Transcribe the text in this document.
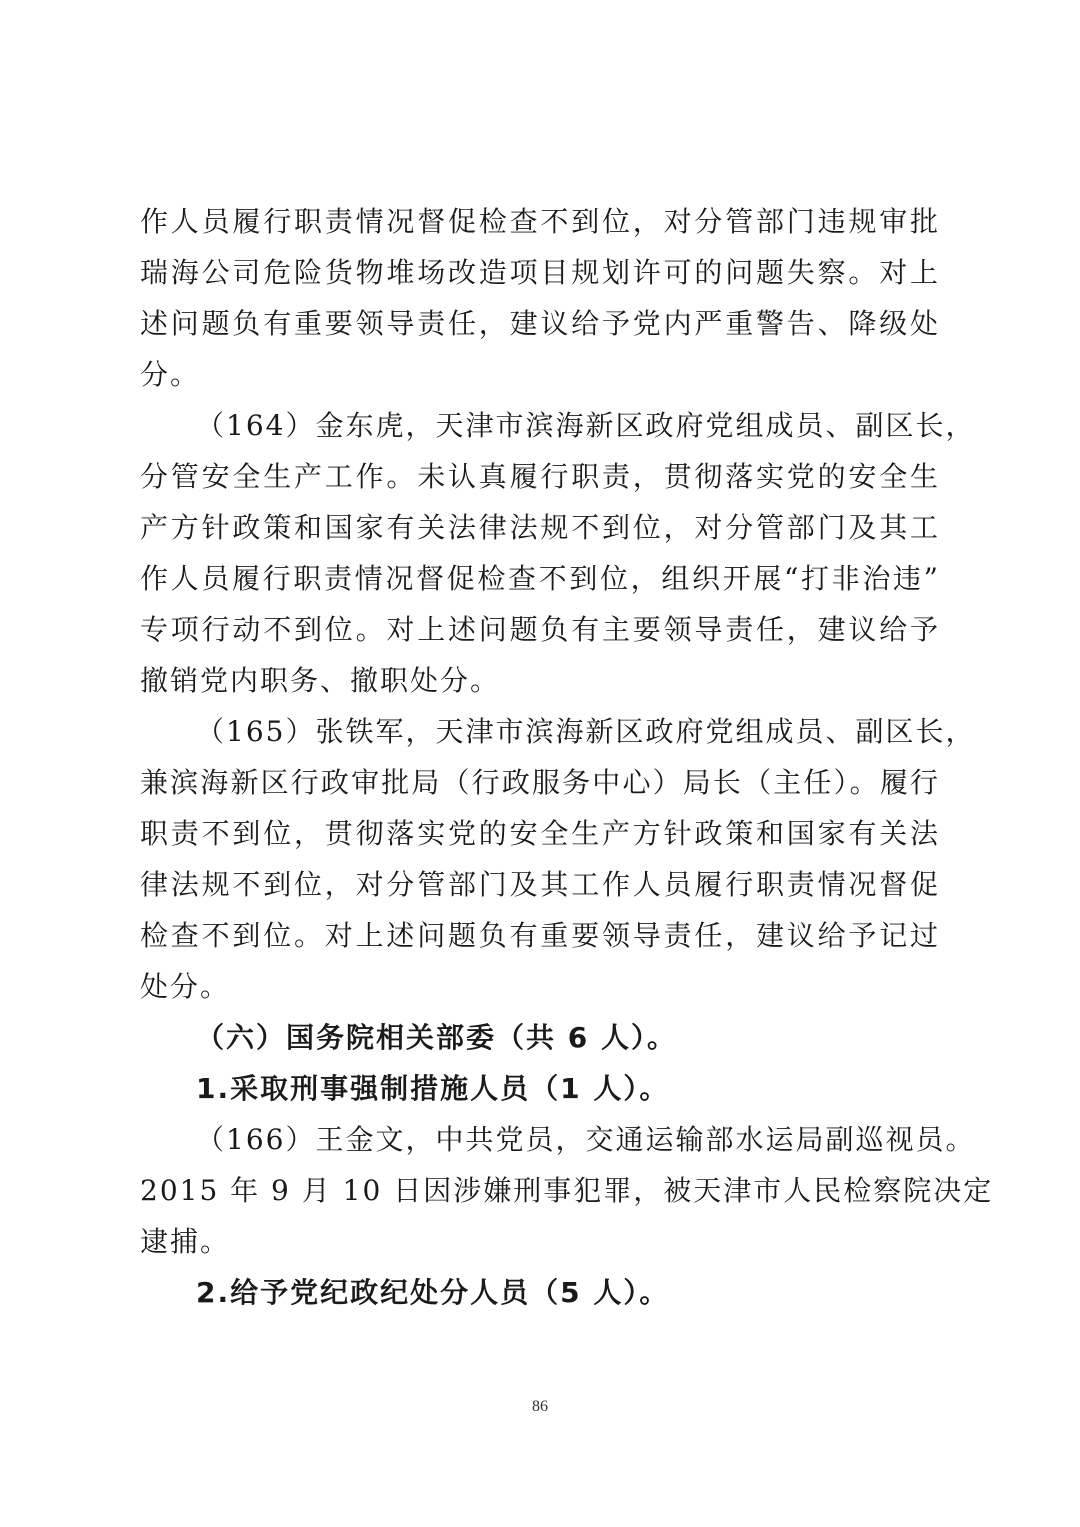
作人员履行职责情况督促检查不到位，对分管部门违规审批
瑞海公司危险货物堆场改造项目规划许可的问题失察。对上
述问题负有重要领导责任，建议给予党内严重警告、降级处
分。
（164）金东虎，天津市滨海新区政府党组成员、副区长，
分管安全生产工作。未认真履行职责，贯彻落实党的安全生
产方针政策和国家有关法律法规不到位，对分管部门及其工
作人员履行职责情况督促检查不到位，组织开展“打非治违”
专项行动不到位。对上述问题负有主要领导责任，建议给予
撤销党内职务、撤职处分。
（165）张铁军，天津市滨海新区政府党组成员、副区长，
兼滨海新区行政审批局（行政服务中心）局长（主任）。履行
职责不到位，贯彻落实党的安全生产方针政策和国家有关法
律法规不到位，对分管部门及其工作人员履行职责情况督促
检查不到位。对上述问题负有重要领导责任，建议给予记过
处分。
（六）国务院相关部委（共 6 人）。
1.采取刑事强制措施人员（1 人）。
（166）王金文，中共党员，交通运输部水运局副巡视员。
2015 年 9 月 10 日因涉嫌刑事犯罪，被天津市人民检察院决定
逮捕。
2.给予党纪政纪处分人员（5 人）。
86
